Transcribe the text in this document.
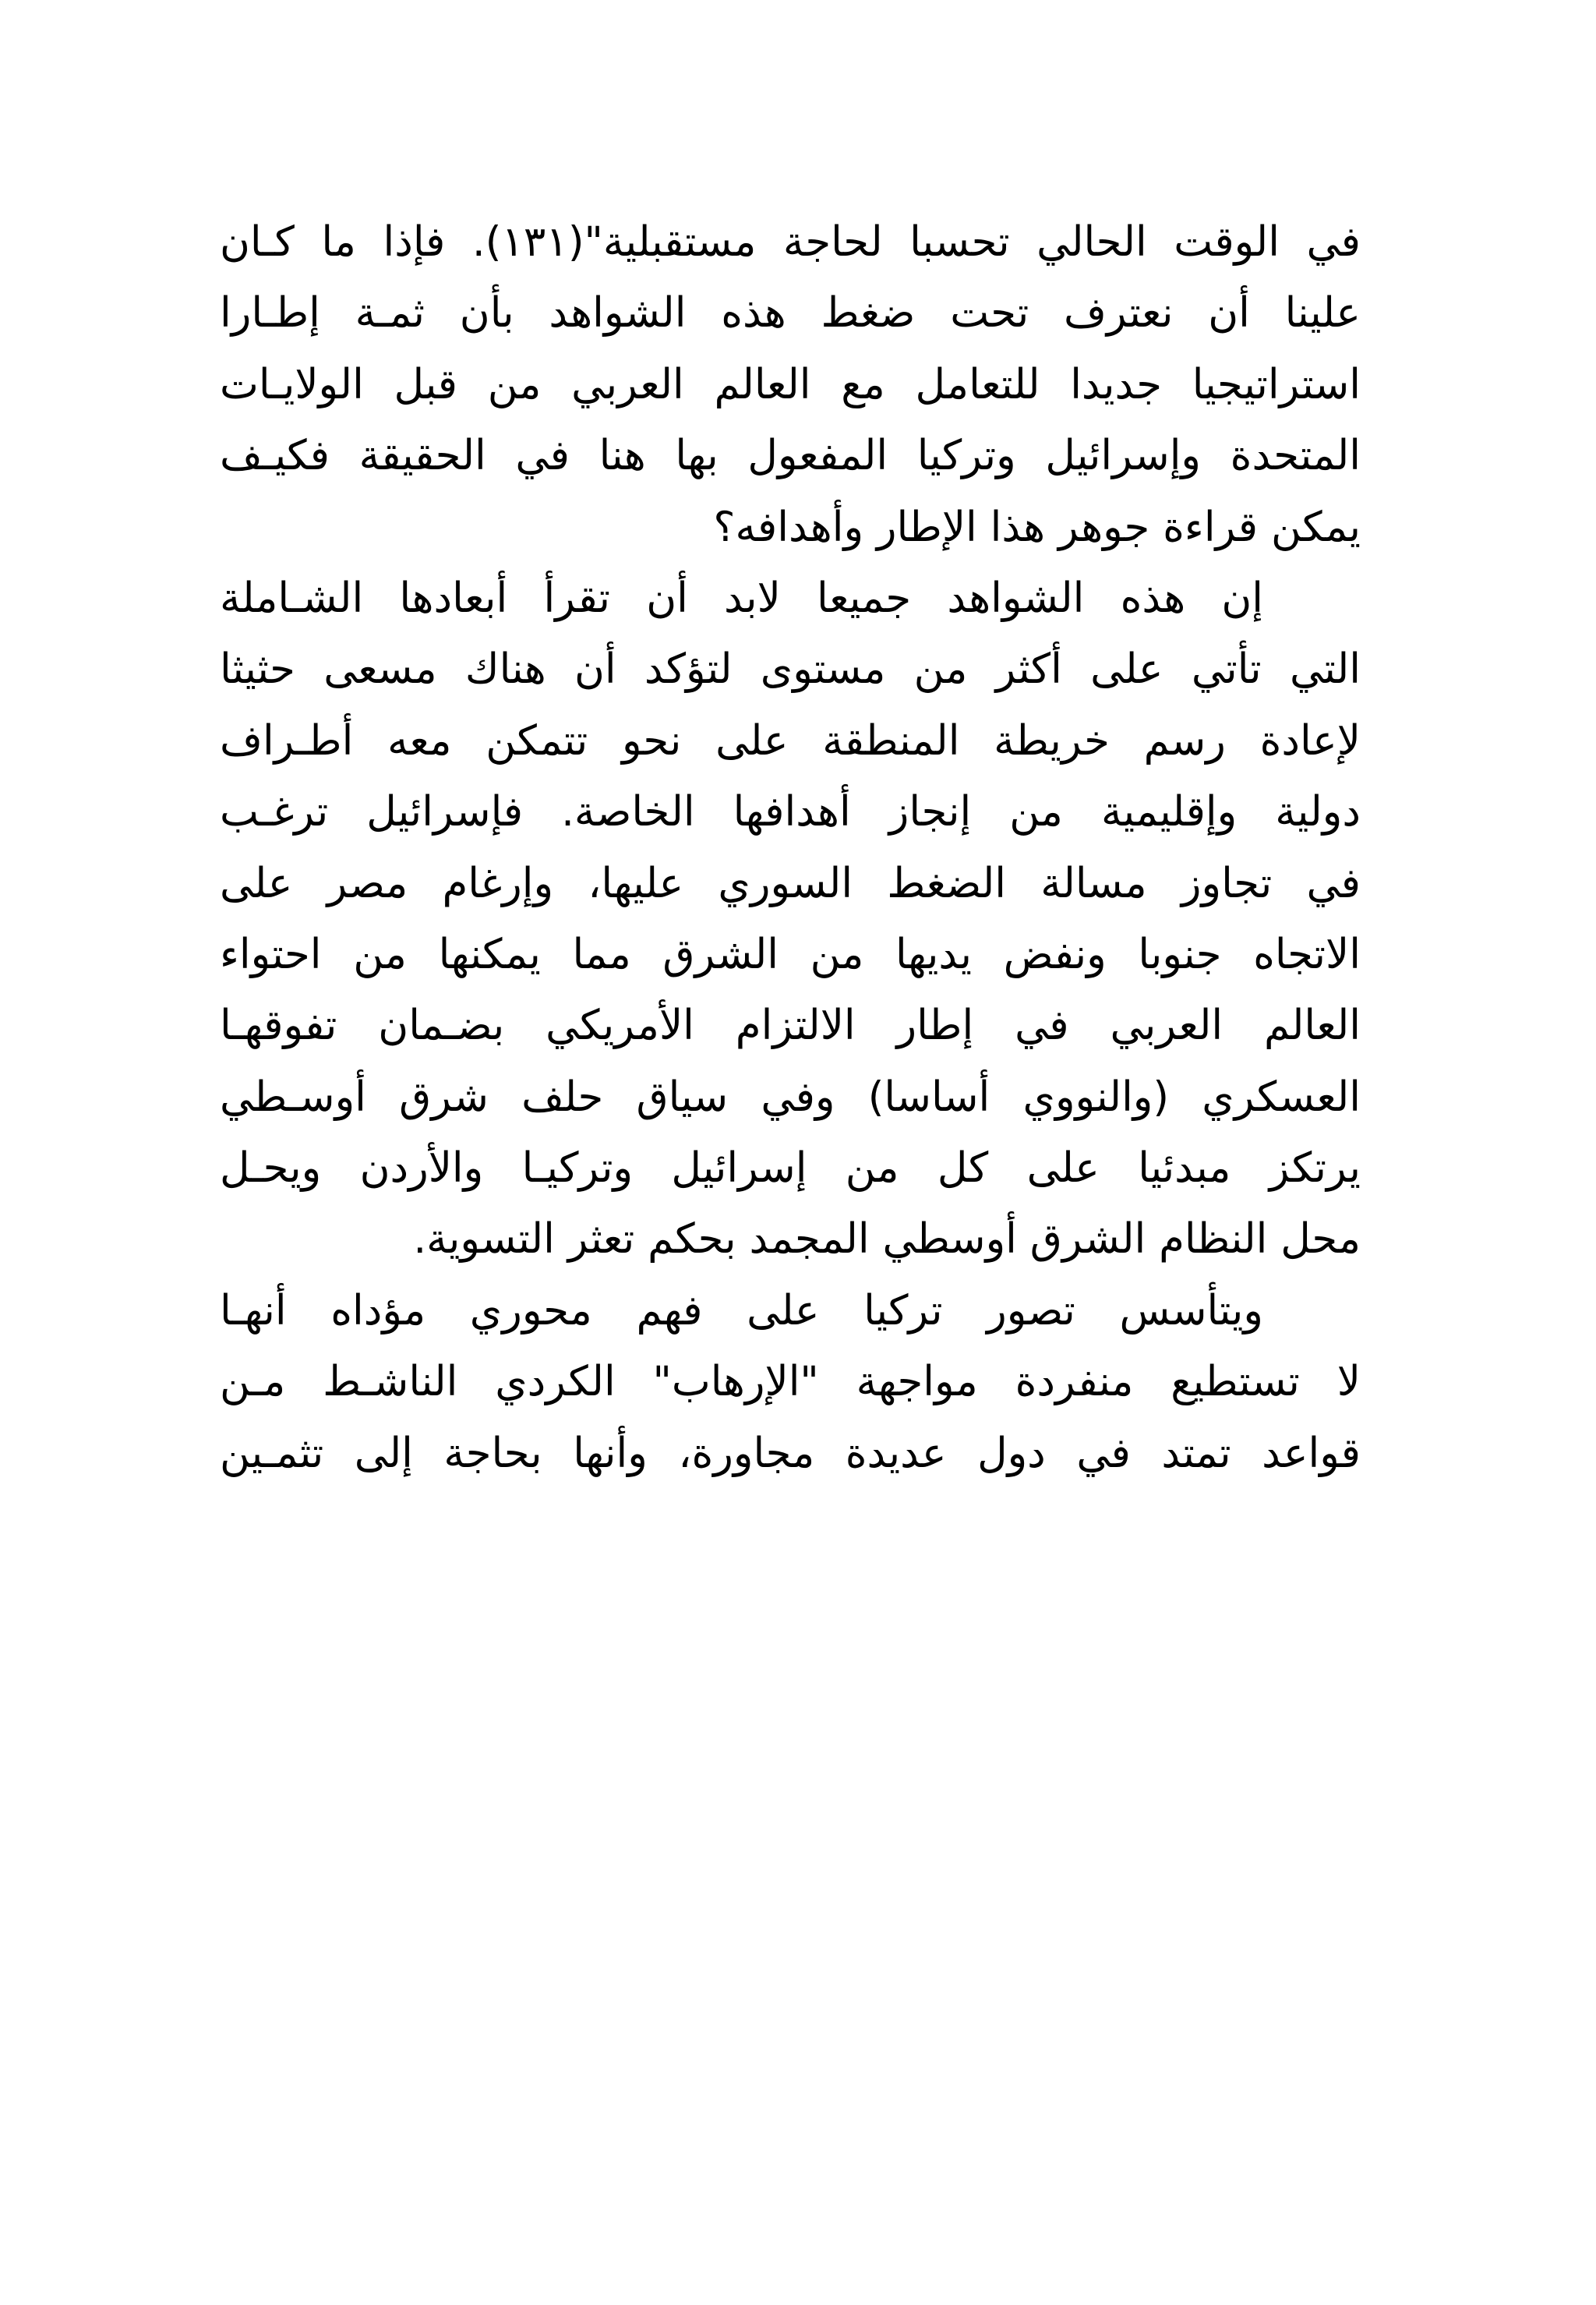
في الوقت الحالي تحسبا لحاجة مستقبلية"(١٣١). فإذا ما كـان
علينا أن نعترف تحت ضغط هذه الشواهد بأن ثمـة إطـارا
استراتيجيا جديدا للتعامل مع العالم العربي من قبل الولايـات
المتحدة وإسرائيل وتركيا المفعول بها هنا في الحقيقة فكيـف
يمكن قراءة جوهر هذا الإطار وأهدافه؟

إن هذه الشواهد جميعا لابد أن تقرأ أبعادها الشـاملة
التي تأتي على أكثر من مستوى لتؤكد أن هناك مسعى حثيثا
لإعادة رسم خريطة المنطقة على نحو تتمكن معه أطـراف
دولية وإقليمية من إنجاز أهدافها الخاصة. فإسرائيل ترغـب
في تجاوز مسالة الضغط السوري عليها، وإرغام مصر على
الاتجاه جنوبا ونفض يديها من الشرق مما يمكنها من احتواء
العالم العربي في إطار الالتزام الأمريكي بضـمان تفوقهـا
العسكري (والنووي أساسا) وفي سياق حلف شرق أوسـطي
يرتكز مبدئيا على كل من إسرائيل وتركيـا والأردن ويحـل
محل النظام الشرق أوسطي المجمد بحكم تعثر التسوية.

ويتأسس تصور تركيا على فهم محوري مؤداه أنهـا
لا تستطيع منفردة مواجهة "الإرهاب" الكردي الناشـط مـن
قواعد تمتد في دول عديدة مجاورة، وأنها بحاجة إلى تثمـين
